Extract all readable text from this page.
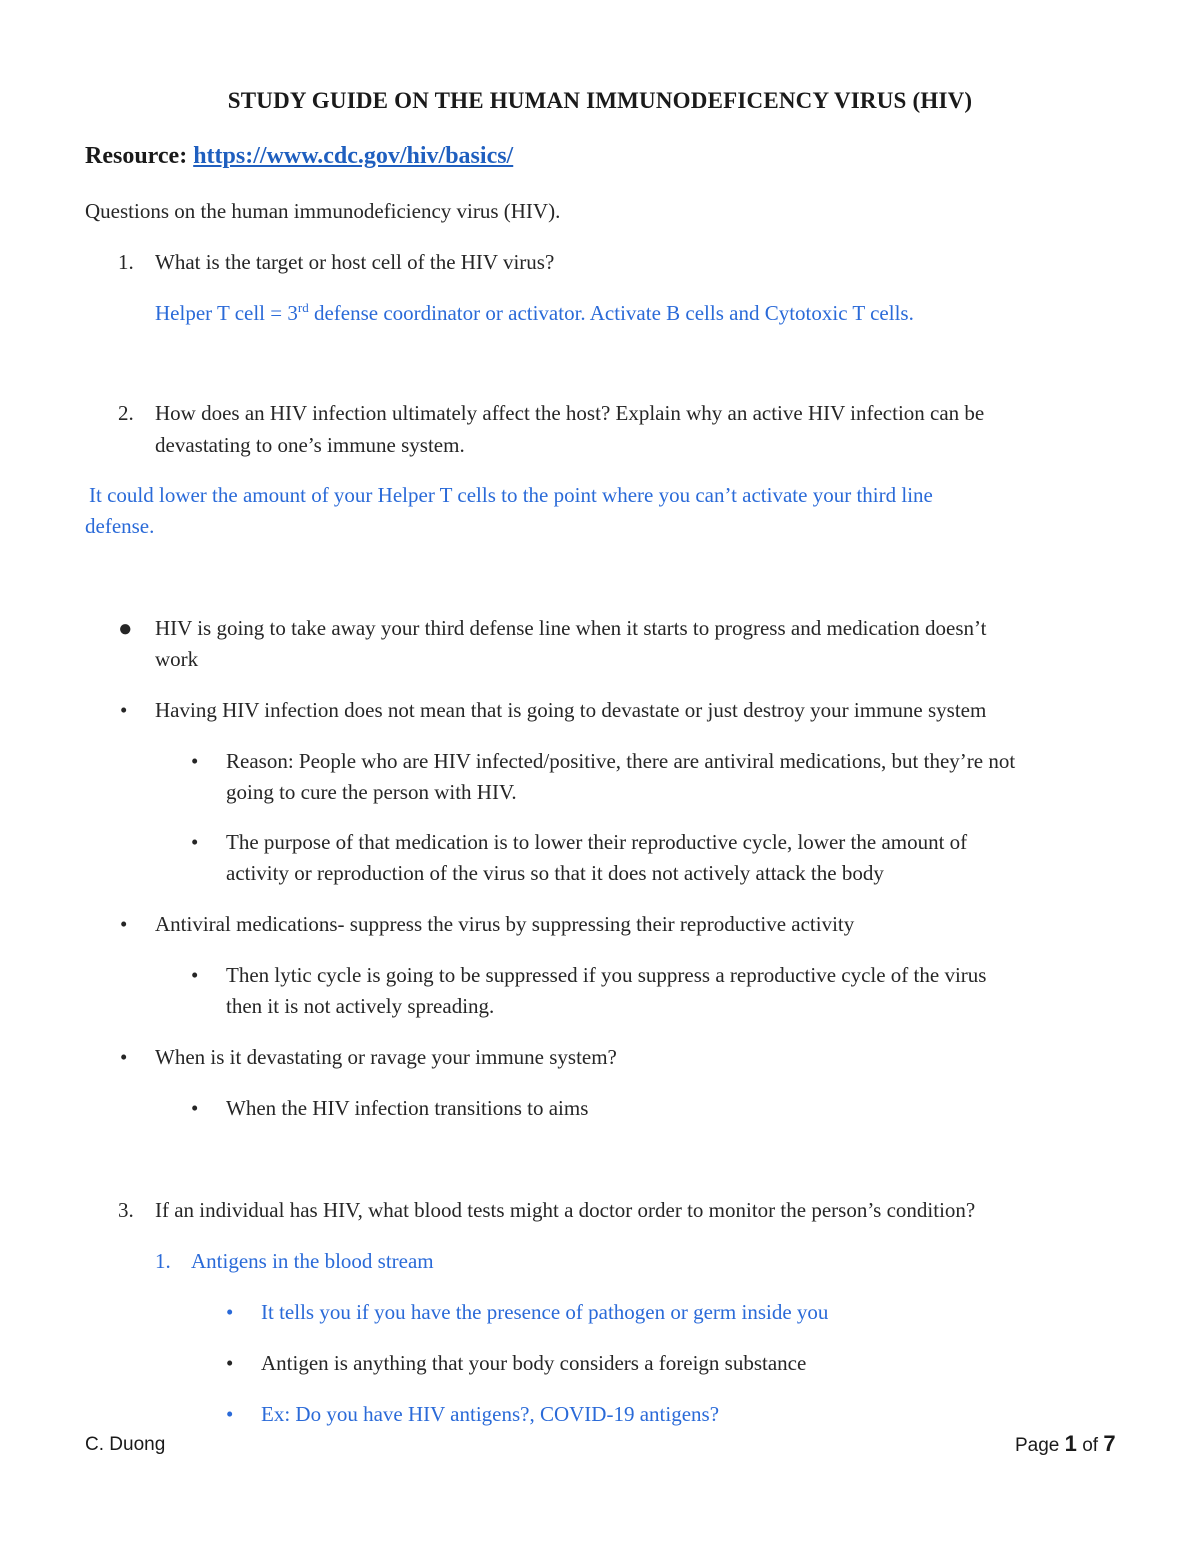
STUDY GUIDE ON THE HUMAN IMMUNODEFICENCY VIRUS (HIV)
Resource: https://www.cdc.gov/hiv/basics/
Questions on the human immunodeficiency virus (HIV).
1. What is the target or host cell of the HIV virus?
Helper T cell = 3rd defense coordinator or activator. Activate B cells and Cytotoxic T cells.
2. How does an HIV infection ultimately affect the host? Explain why an active HIV infection can be
devastating to one’s immune system.
It could lower the amount of your Helper T cells to the point where you can’t activate your third line
defense.
● HIV is going to take away your third defense line when it starts to progress and medication doesn’t
work
• Having HIV infection does not mean that is going to devastate or just destroy your immune system
• Reason: People who are HIV infected/positive, there are antiviral medications, but they’re not
going to cure the person with HIV.
• The purpose of that medication is to lower their reproductive cycle, lower the amount of
activity or reproduction of the virus so that it does not actively attack the body
• Antiviral medications- suppress the virus by suppressing their reproductive activity
• Then lytic cycle is going to be suppressed if you suppress a reproductive cycle of the virus
then it is not actively spreading.
• When is it devastating or ravage your immune system?
• When the HIV infection transitions to aims
3. If an individual has HIV, what blood tests might a doctor order to monitor the person’s condition?
1. Antigens in the blood stream
• It tells you if you have the presence of pathogen or germ inside you
• Antigen is anything that your body considers a foreign substance
• Ex: Do you have HIV antigens?, COVID-19 antigens?
C. Duong	Page 1 of 7
